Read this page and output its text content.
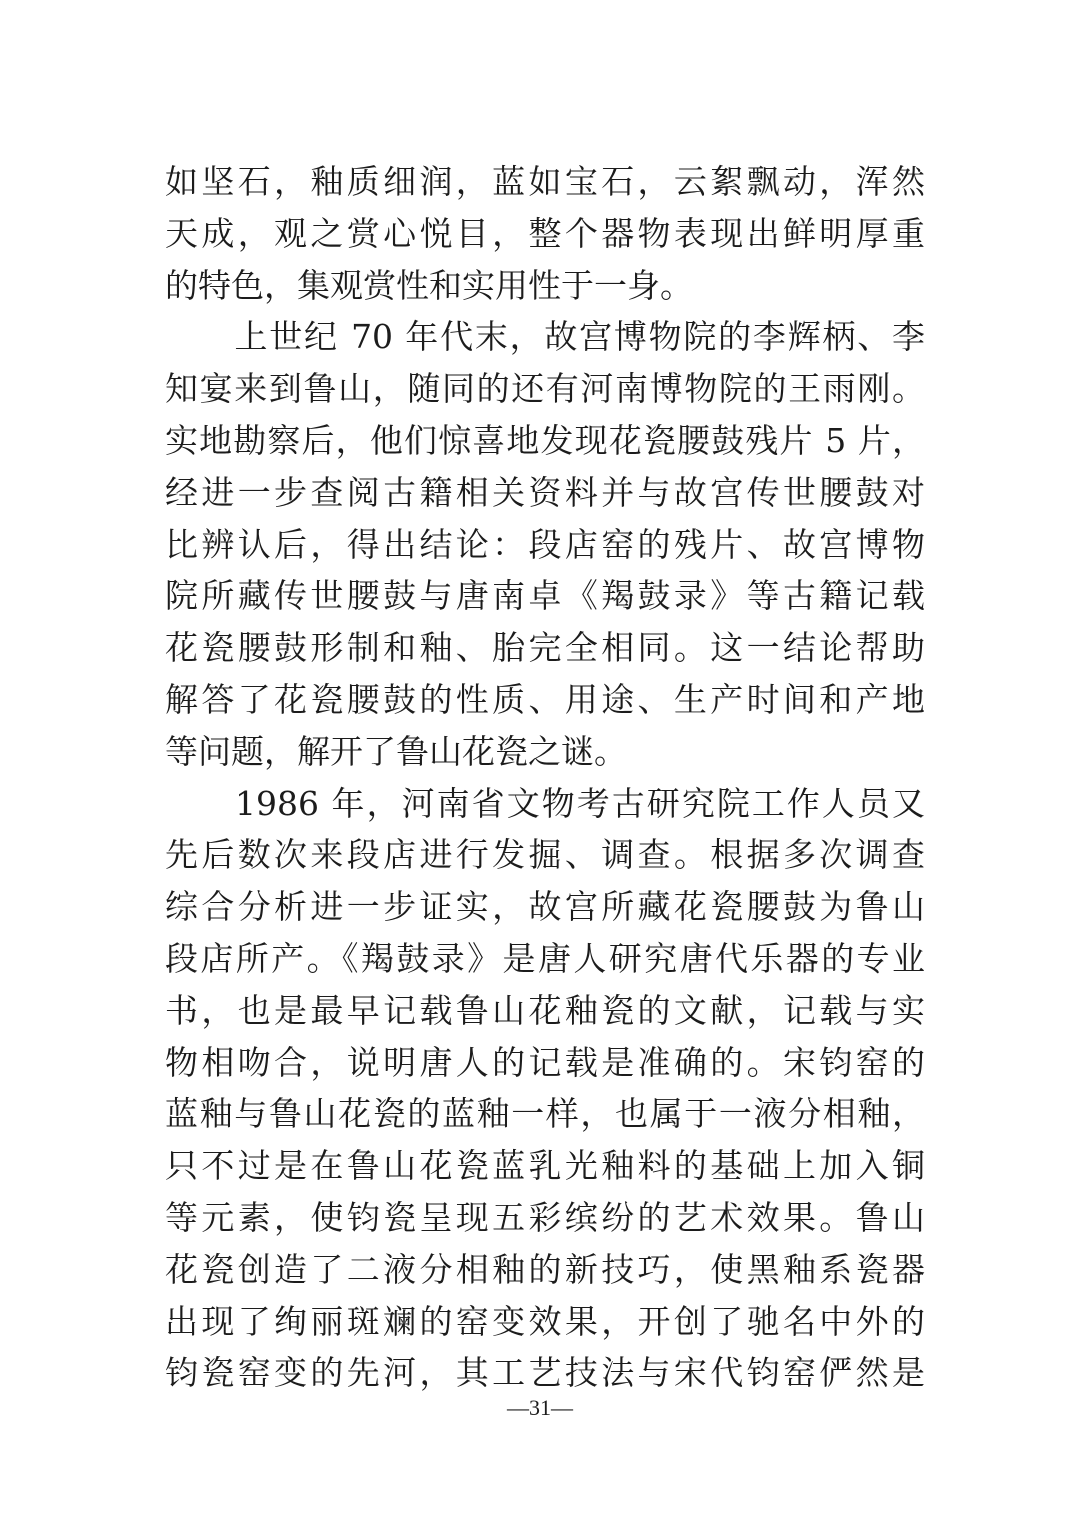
如坚石，釉质细润，蓝如宝石，云絮飘动，浑然
天成，观之赏心悦目，整个器物表现出鲜明厚重
的特色，集观赏性和实用性于一身。
　　上世纪 70 年代末，故宫博物院的李辉柄、李
知宴来到鲁山，随同的还有河南博物院的王雨刚。
实地勘察后，他们惊喜地发现花瓷腰鼓残片 5 片，
经进一步查阅古籍相关资料并与故宫传世腰鼓对
比辨认后，得出结论：段店窑的残片、故宫博物
院所藏传世腰鼓与唐南卓《羯鼓录》等古籍记载
花瓷腰鼓形制和釉、胎完全相同。这一结论帮助
解答了花瓷腰鼓的性质、用途、生产时间和产地
等问题，解开了鲁山花瓷之谜。
　　1986 年，河南省文物考古研究院工作人员又
先后数次来段店进行发掘、调查。根据多次调查
综合分析进一步证实，故宫所藏花瓷腰鼓为鲁山
段店所产。《羯鼓录》是唐人研究唐代乐器的专业
书，也是最早记载鲁山花釉瓷的文献，记载与实
物相吻合，说明唐人的记载是准确的。宋钧窑的
蓝釉与鲁山花瓷的蓝釉一样，也属于一液分相釉，
只不过是在鲁山花瓷蓝乳光釉料的基础上加入铜
等元素，使钧瓷呈现五彩缤纷的艺术效果。鲁山
花瓷创造了二液分相釉的新技巧，使黑釉系瓷器
出现了绚丽斑斓的窑变效果，开创了驰名中外的
钧瓷窑变的先河，其工艺技法与宋代钧窑俨然是
—31—
